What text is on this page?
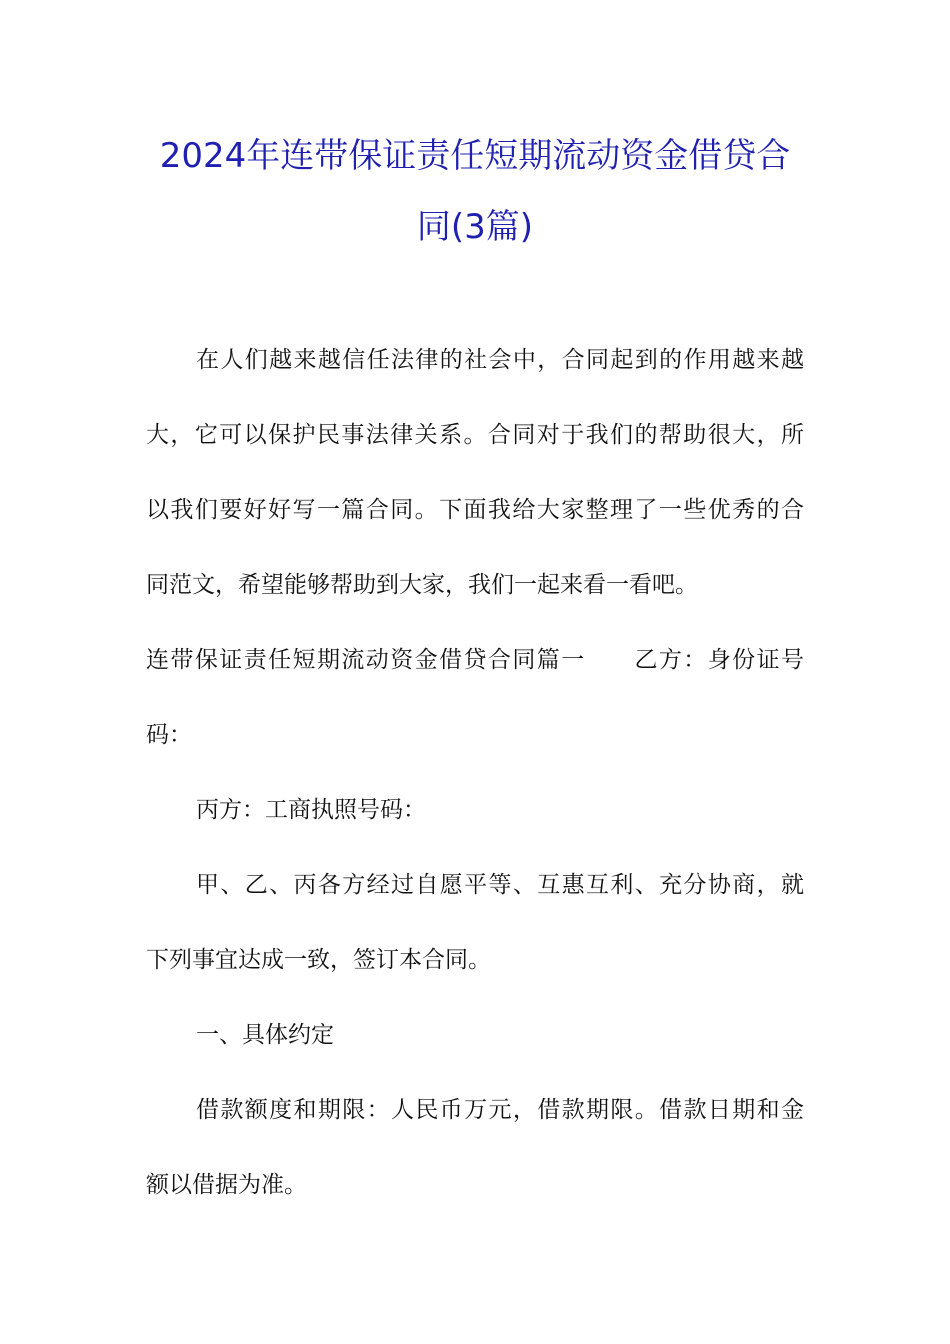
2024年连带保证责任短期流动资金借贷合
同(3篇)
在人们越来越信任法律的社会中，合同起到的作用越来越
大，它可以保护民事法律关系。合同对于我们的帮助很大，所
以我们要好好写一篇合同。下面我给大家整理了一些优秀的合
同范文，希望能够帮助到大家，我们一起来看一看吧。
连带保证责任短期流动资金借贷合同篇一　　乙方：身份证号
码：
丙方：工商执照号码：
甲、乙、丙各方经过自愿平等、互惠互利、充分协商，就
下列事宜达成一致，签订本合同。
一、具体约定
借款额度和期限：人民币万元，借款期限。借款日期和金
额以借据为准。
